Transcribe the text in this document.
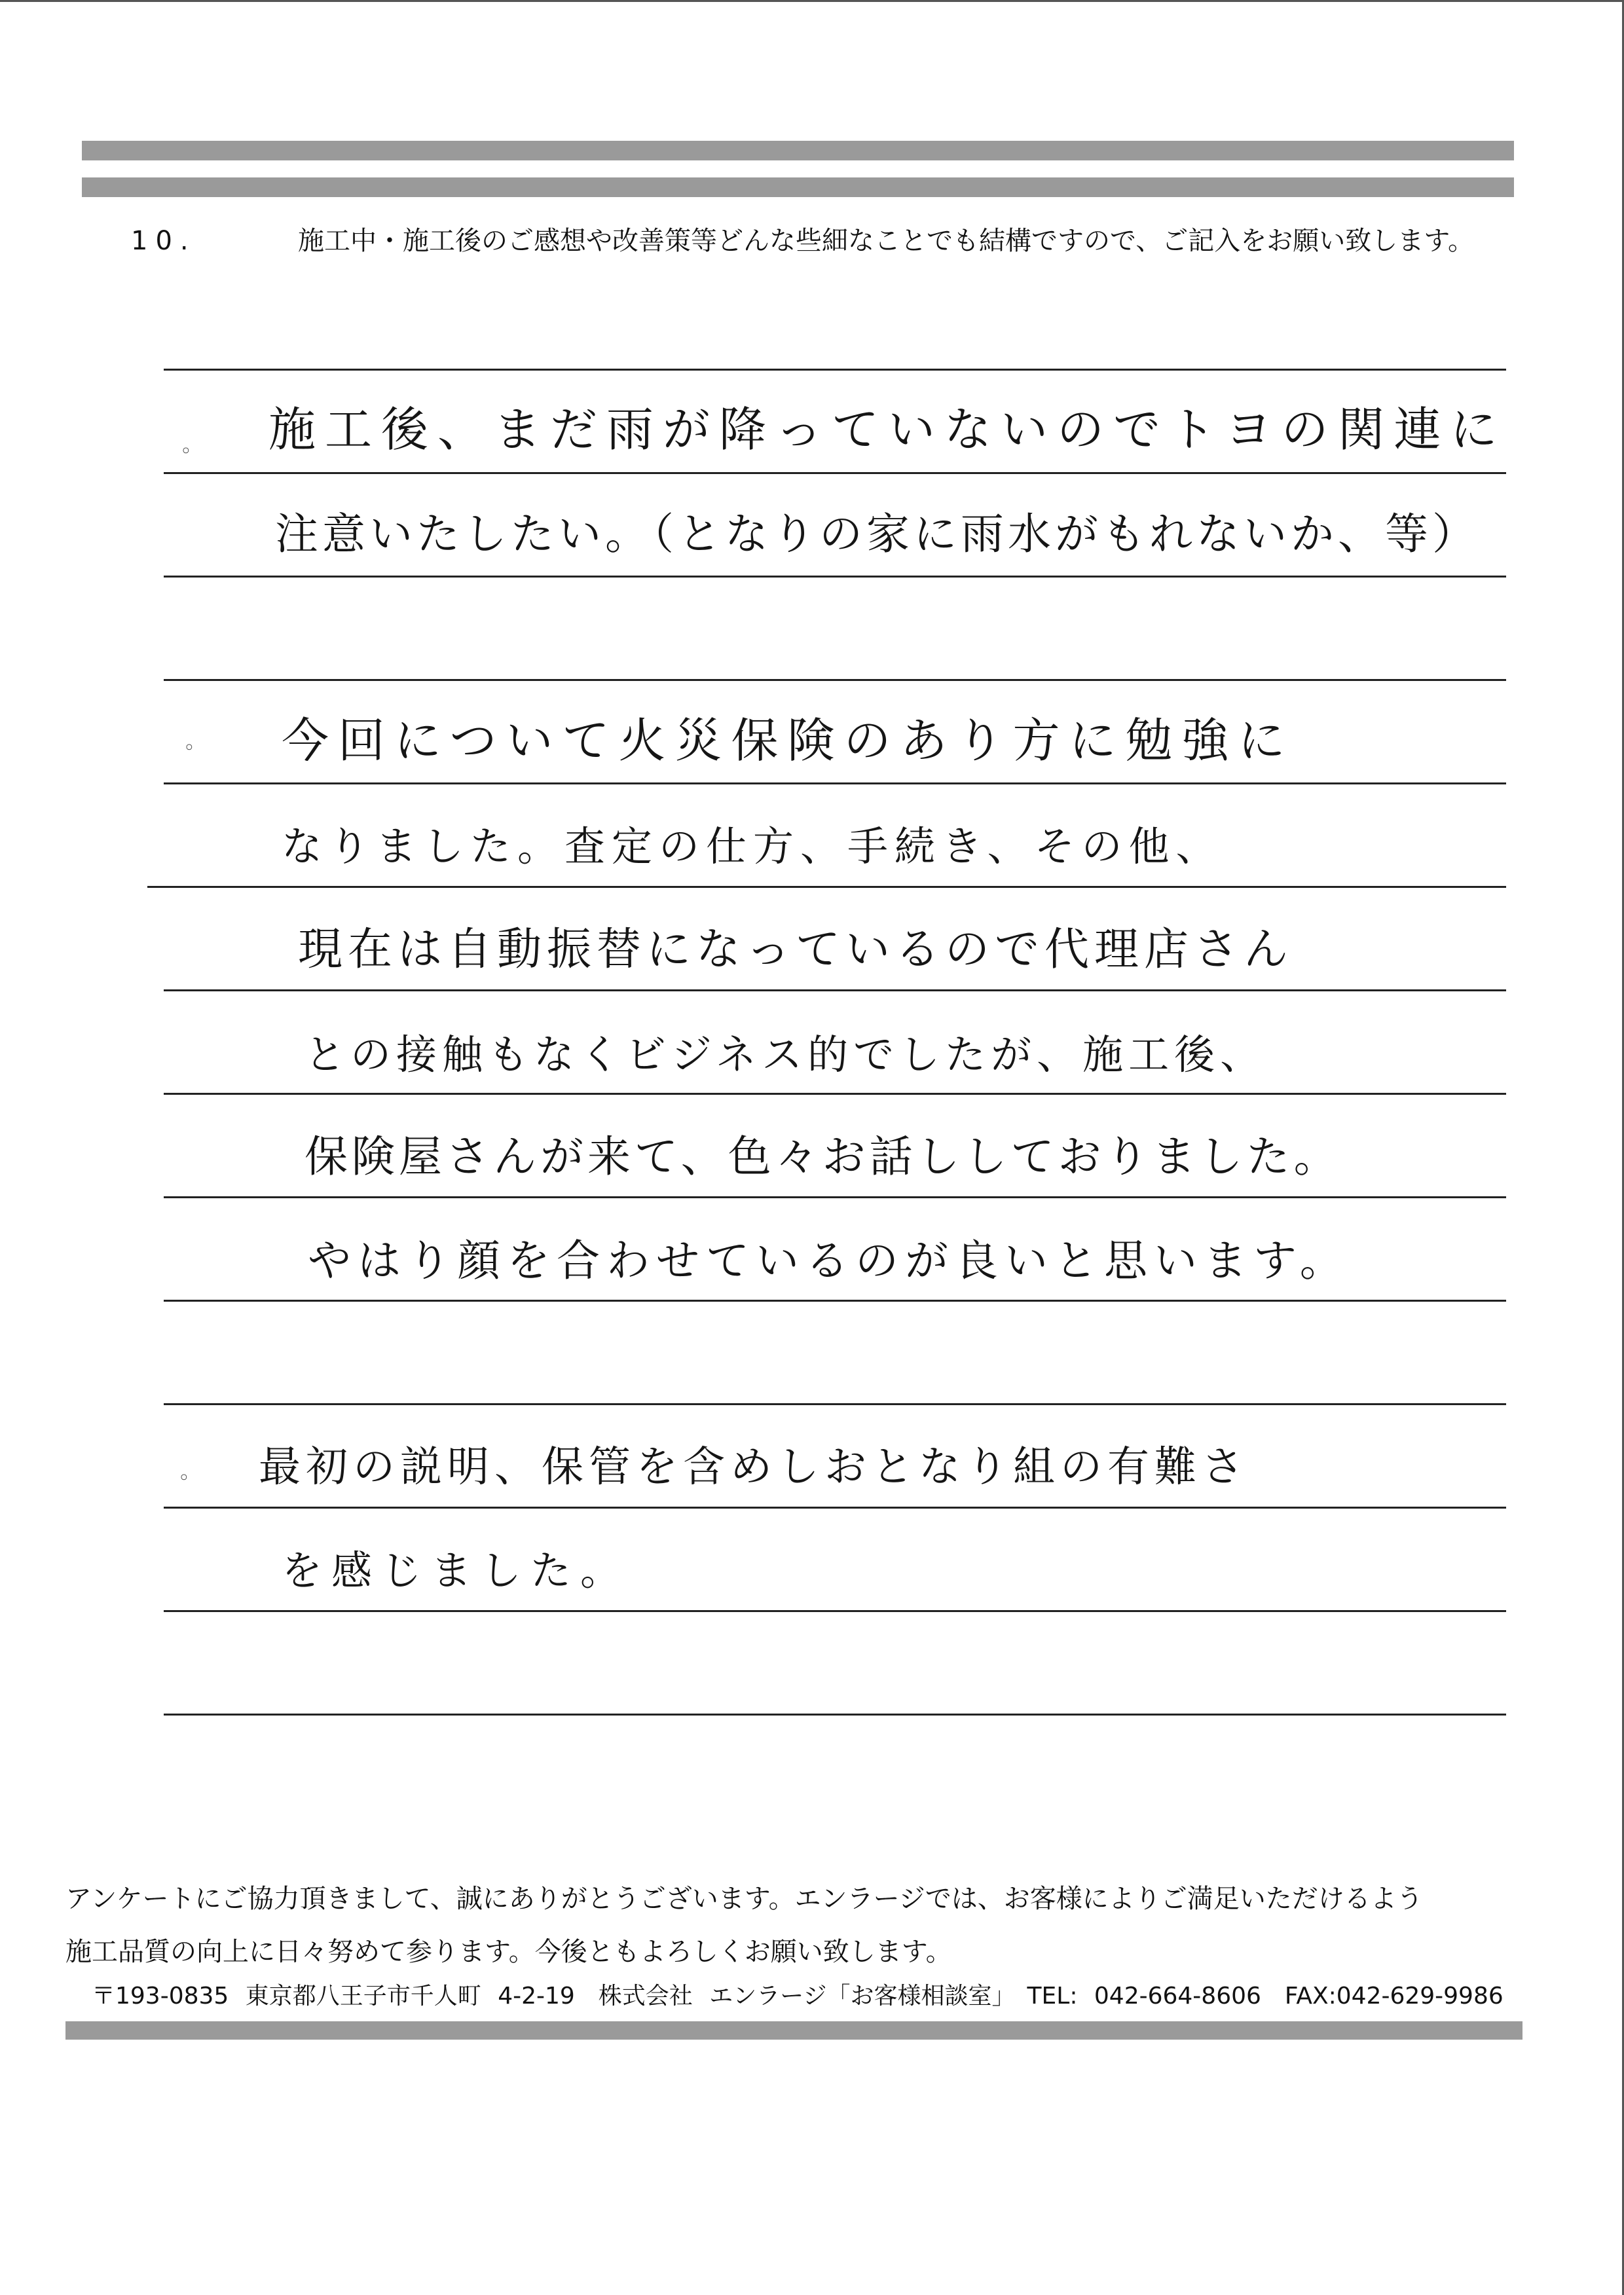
10.	施工中・施工後のご感想や改善策等どんな些細なことでも結構ですので、ご記入をお願い致します。
◦
◦
◦
施工後、まだ雨が降っていないのでトヨの関連に
注意いたしたい。（となりの家に雨水がもれないか、等）
今回について火災保険のあり方に勉強に
なりました。査定の仕方、手続き、その他、
現在は自動振替になっているので代理店さん
との接触もなくビジネス的でしたが、施工後、
保険屋さんが来て、色々お話ししておりました。
やはり顔を合わせているのが良いと思います。
最初の説明、保管を含めしおとなり組の有難さ
を感じました。
アンケートにご協力頂きまして、誠にありがとうございます。エンラージでは、お客様によりご満足いただけるよう
施工品質の向上に日々努めて参ります。今後ともよろしくお願い致します。
〒193-0835 東京都八王子市千人町 4-2-19　株式会社 エンラージ「お客様相談室」　TEL: 042-664-8606　FAX:042-629-9986
